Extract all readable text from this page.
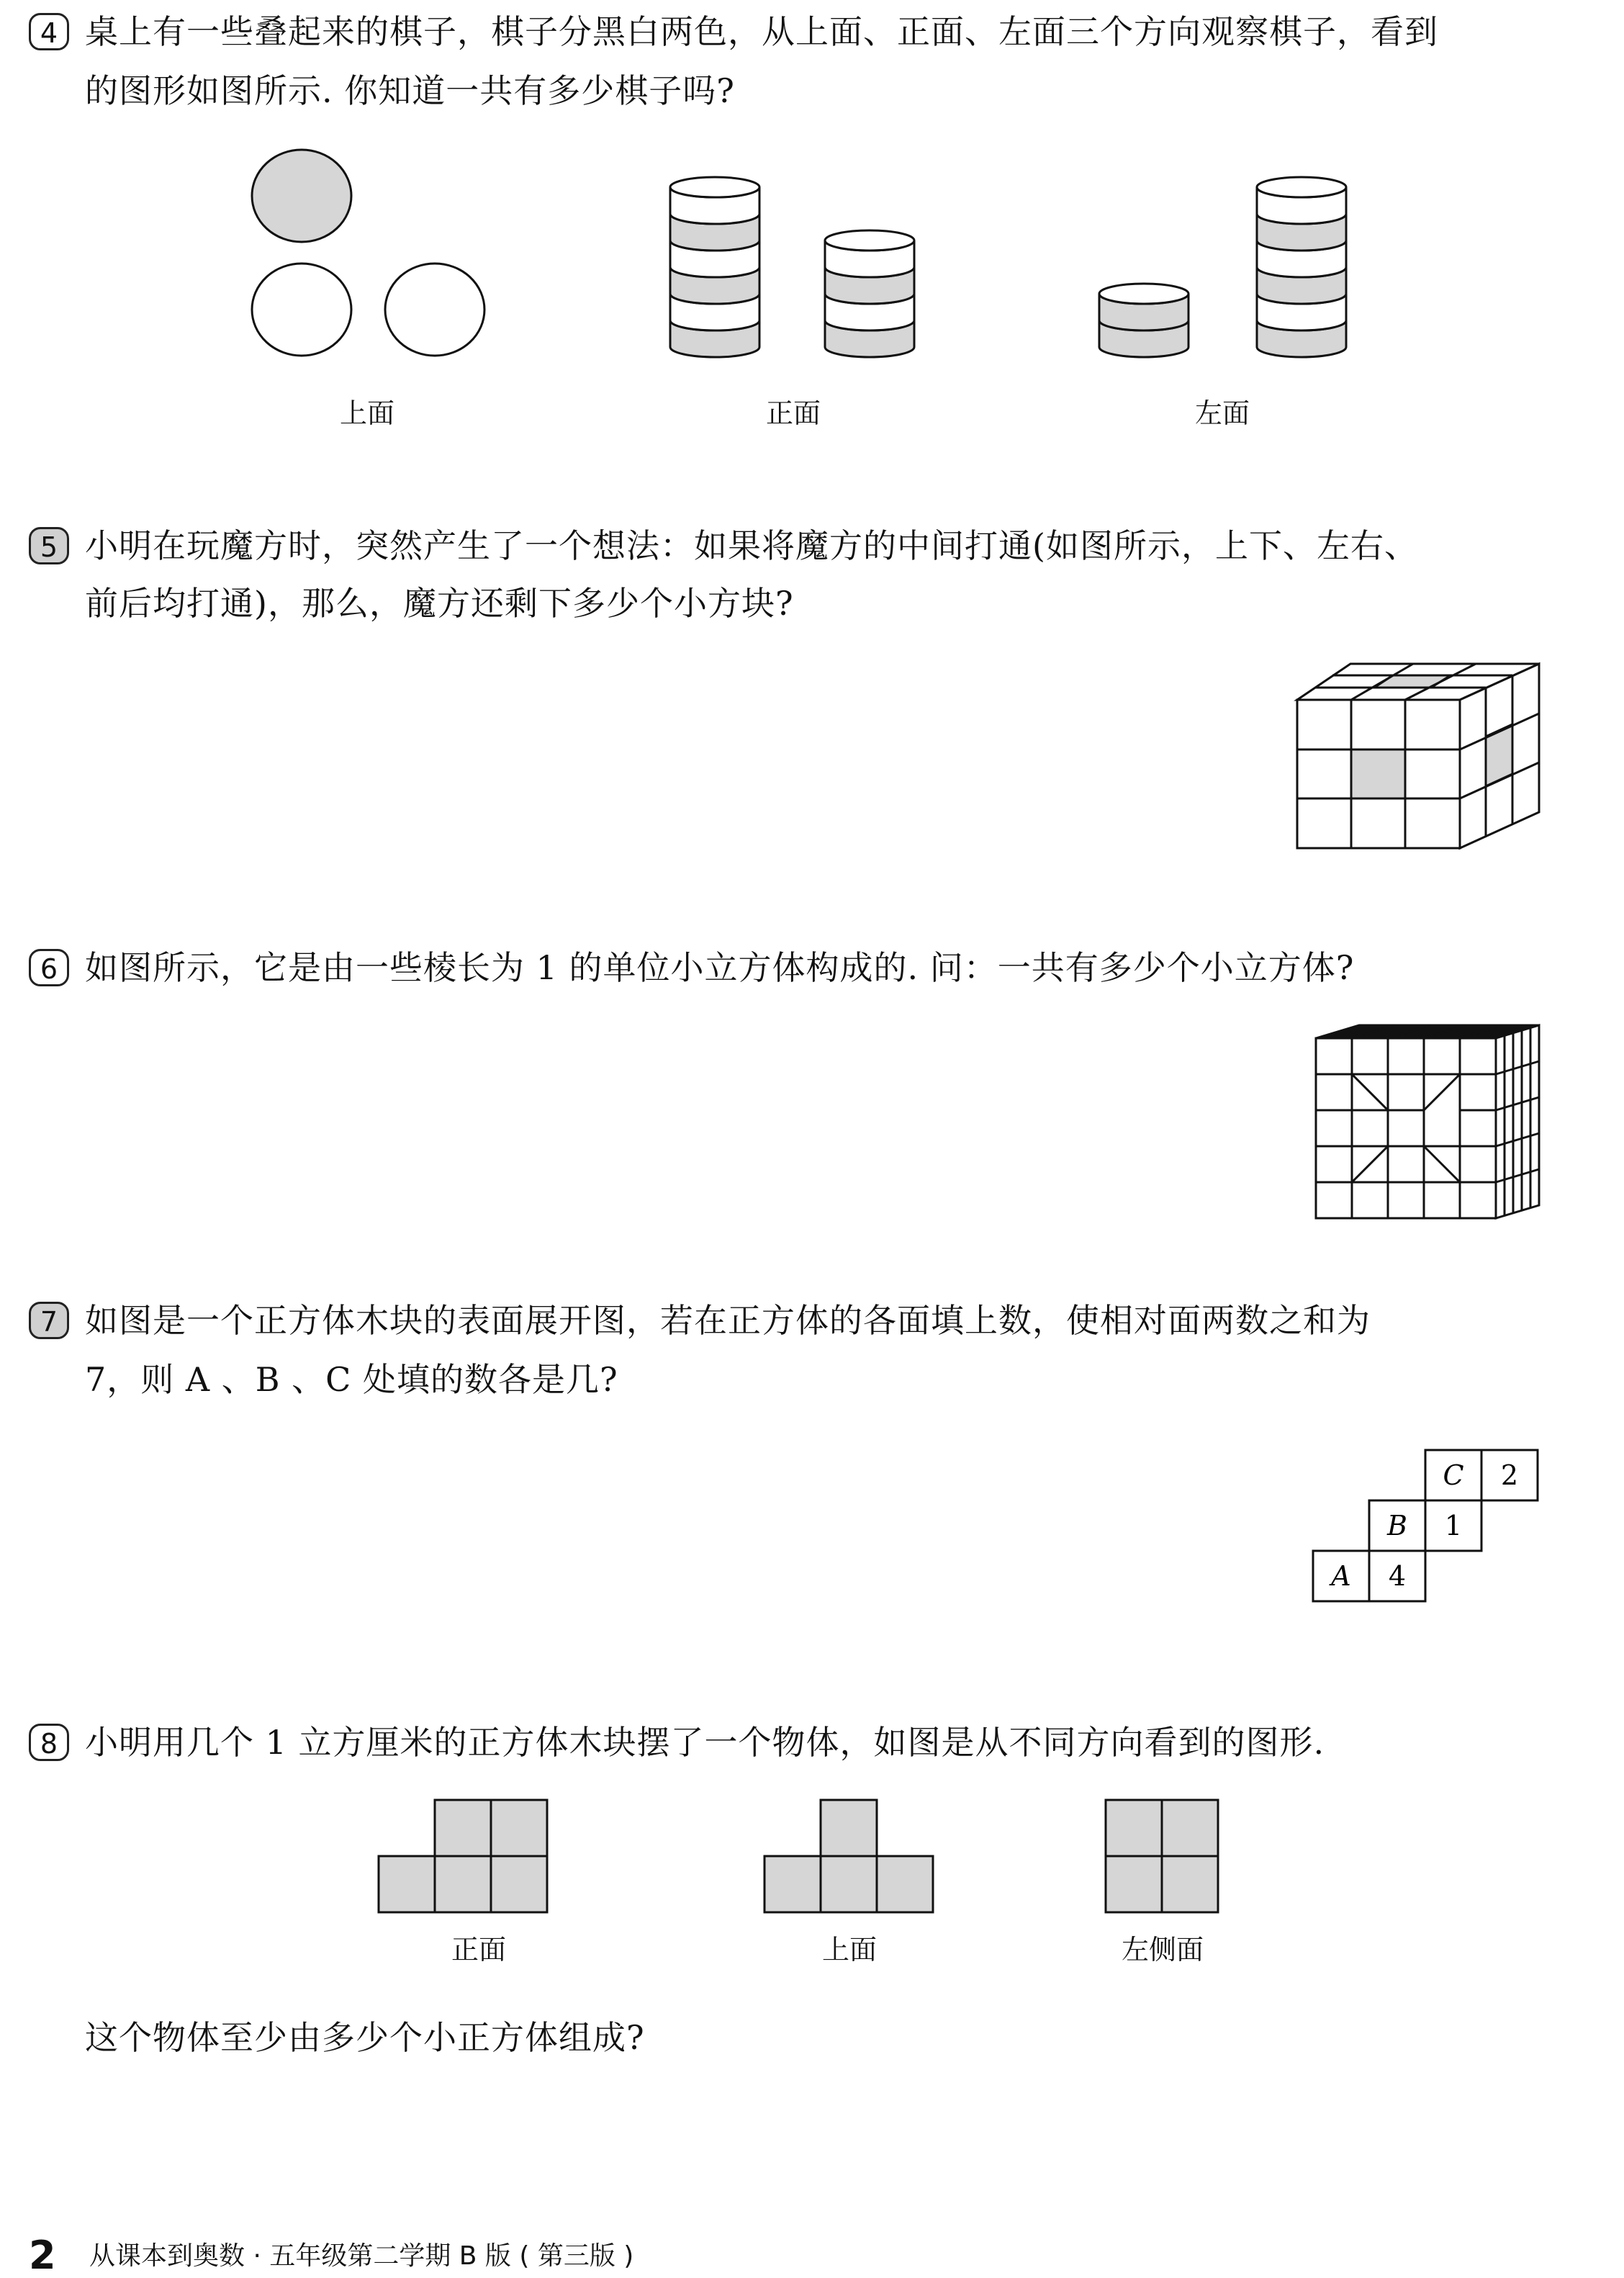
4 桌上有一些叠起来的棋子，棋子分黑白两色，从上面、正面、左面三个方向观察棋子，看到
的图形如图所示. 你知道一共有多少棋子吗?
上面	正面	左面
5 小明在玩魔方时，突然产生了一个想法：如果将魔方的中间打通(如图所示，上下、左右、
前后均打通)，那么，魔方还剩下多少个小方块?
6 如图所示，它是由一些棱长为 1 的单位小立方体构成的. 问：一共有多少个小立方体?
7 如图是一个正方体木块的表面展开图，若在正方体的各面填上数，使相对面两数之和为
7，则 A 、B 、C 处填的数各是几?
C 2
B 1
A 4
8 小明用几个 1 立方厘米的正方体木块摆了一个物体，如图是从不同方向看到的图形.
正面	上面	左侧面
这个物体至少由多少个小正方体组成?
2 从课本到奥数 · 五年级第二学期 B 版 ( 第三版 )
